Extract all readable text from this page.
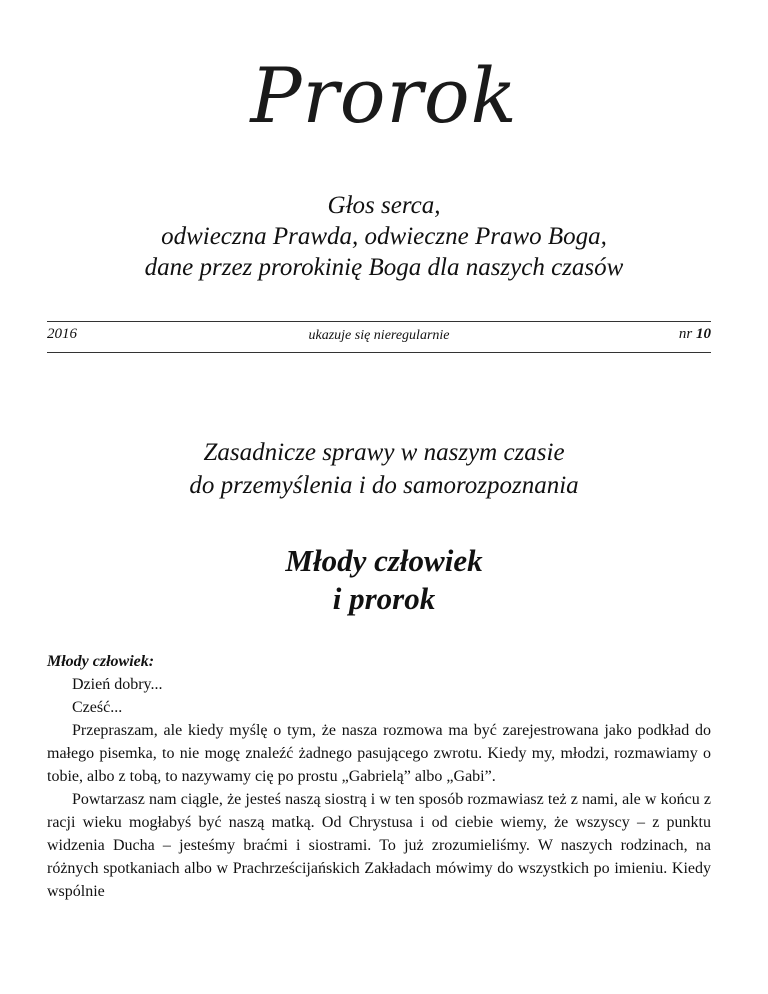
Prorok
Głos serca,
odwieczna Prawda, odwieczne Prawo Boga,
dane przez prorokinię Boga dla naszych czasów
2016	ukazuje się nieregularnie	nr 10
Zasadnicze sprawy w naszym czasie
do przemyślenia i do samorozpoznania
Młody człowiek
i prorok
Młody człowiek:

Dzień dobry...

Cześć...

Przepraszam, ale kiedy myślę o tym, że nasza rozmowa ma być zarejestrowana jako podkład do małego pisemka, to nie mogę znaleźć żadnego pasującego zwrotu. Kiedy my, młodzi, rozmawiamy o tobie, albo z tobą, to nazywamy cię po prostu „Gabrielą” albo „Gabi”.

Powtarzasz nam ciągle, że jesteś naszą siostrą i w ten sposób rozmawiasz też z nami, ale w końcu z racji wieku mogłabyś być naszą matką. Od Chrystusa i od ciebie wiemy, że wszyscy – z punktu widzenia Ducha – jesteśmy braćmi i siostrami. To już zrozumieliśmy. W naszych rodzinach, na różnych spotkaniach albo w Prachrześcijańskich Zakładach mówimy do wszystkich po imieniu. Kiedy wspólnie
